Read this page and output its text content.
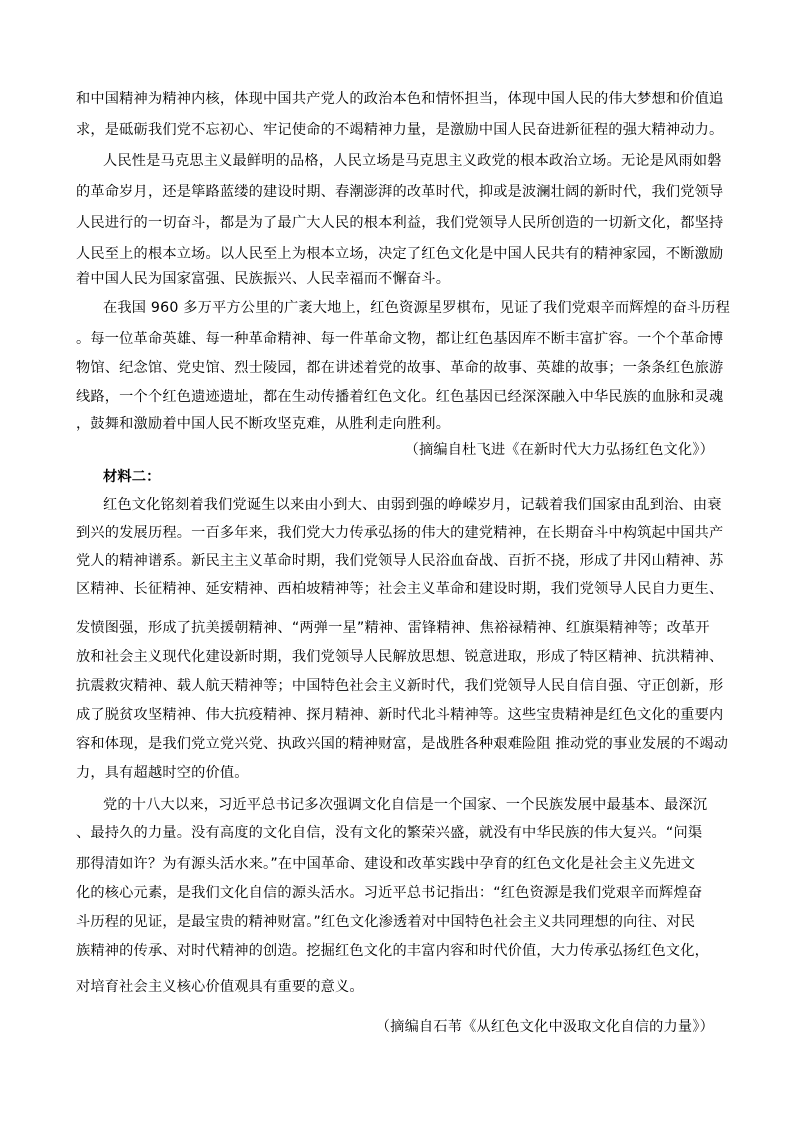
和中国精神为精神内核，体现中国共产党人的政治本色和情怀担当，体现中国人民的伟大梦想和价值追
求，是砥砺我们党不忘初心、牢记使命的不竭精神力量，是激励中国人民奋进新征程的强大精神动力。
人民性是马克思主义最鲜明的品格，人民立场是马克思主义政党的根本政治立场。无论是风雨如磐
的革命岁月，还是筚路蓝缕的建设时期、春潮澎湃的改革时代，抑或是波澜壮阔的新时代，我们党领导
人民进行的一切奋斗，都是为了最广大人民的根本利益，我们党领导人民所创造的一切新文化，都坚持
人民至上的根本立场。以人民至上为根本立场，决定了红色文化是中国人民共有的精神家园，不断激励
着中国人民为国家富强、民族振兴、人民幸福而不懈奋斗。
在我国 960 多万平方公里的广袤大地上，红色资源星罗棋布，见证了我们党艰辛而辉煌的奋斗历程
。每一位革命英雄、每一种革命精神、每一件革命文物，都让红色基因库不断丰富扩容。一个个革命博
物馆、纪念馆、党史馆、烈士陵园，都在讲述着党的故事、革命的故事、英雄的故事；一条条红色旅游
线路，一个个红色遗迹遗址，都在生动传播着红色文化。红色基因已经深深融入中华民族的血脉和灵魂
，鼓舞和激励着中国人民不断攻坚克难，从胜利走向胜利。
（摘编自杜飞进《在新时代大力弘扬红色文化》）
材料二：
红色文化铭刻着我们党诞生以来由小到大、由弱到强的峥嵘岁月，记载着我们国家由乱到治、由衰
到兴的发展历程。一百多年来，我们党大力传承弘扬的伟大的建党精神，在长期奋斗中构筑起中国共产
党人的精神谱系。新民主主义革命时期，我们党领导人民浴血奋战、百折不挠，形成了井冈山精神、苏
区精神、长征精神、延安精神、西柏坡精神等；社会主义革命和建设时期，我们党领导人民自力更生、
发愤图强，形成了抗美援朝精神、“两弹一星”精神、雷锋精神、焦裕禄精神、红旗渠精神等；改革开
放和社会主义现代化建设新时期，我们党领导人民解放思想、锐意进取，形成了特区精神、抗洪精神、
抗震救灾精神、载人航天精神等；中国特色社会主义新时代，我们党领导人民自信自强、守正创新，形
成了脱贫攻坚精神、伟大抗疫精神、探月精神、新时代北斗精神等。这些宝贵精神是红色文化的重要内
容和体现，是我们党立党兴党、执政兴国的精神财富，是战胜各种艰难险阻 推动党的事业发展的不竭动
力，具有超越时空的价值。
党的十八大以来，习近平总书记多次强调文化自信是一个国家、一个民族发展中最基本、最深沉
、最持久的力量。没有高度的文化自信，没有文化的繁荣兴盛，就没有中华民族的伟大复兴。“问渠
那得清如许？为有源头活水来。”在中国革命、建设和改革实践中孕育的红色文化是社会主义先进文
化的核心元素，是我们文化自信的源头活水。习近平总书记指出：“红色资源是我们党艰辛而辉煌奋
斗历程的见证，是最宝贵的精神财富。”红色文化渗透着对中国特色社会主义共同理想的向往、对民
族精神的传承、对时代精神的创造。挖掘红色文化的丰富内容和时代价值，大力传承弘扬红色文化，
对培育社会主义核心价值观具有重要的意义。
（摘编自石苇《从红色文化中汲取文化自信的力量》）
